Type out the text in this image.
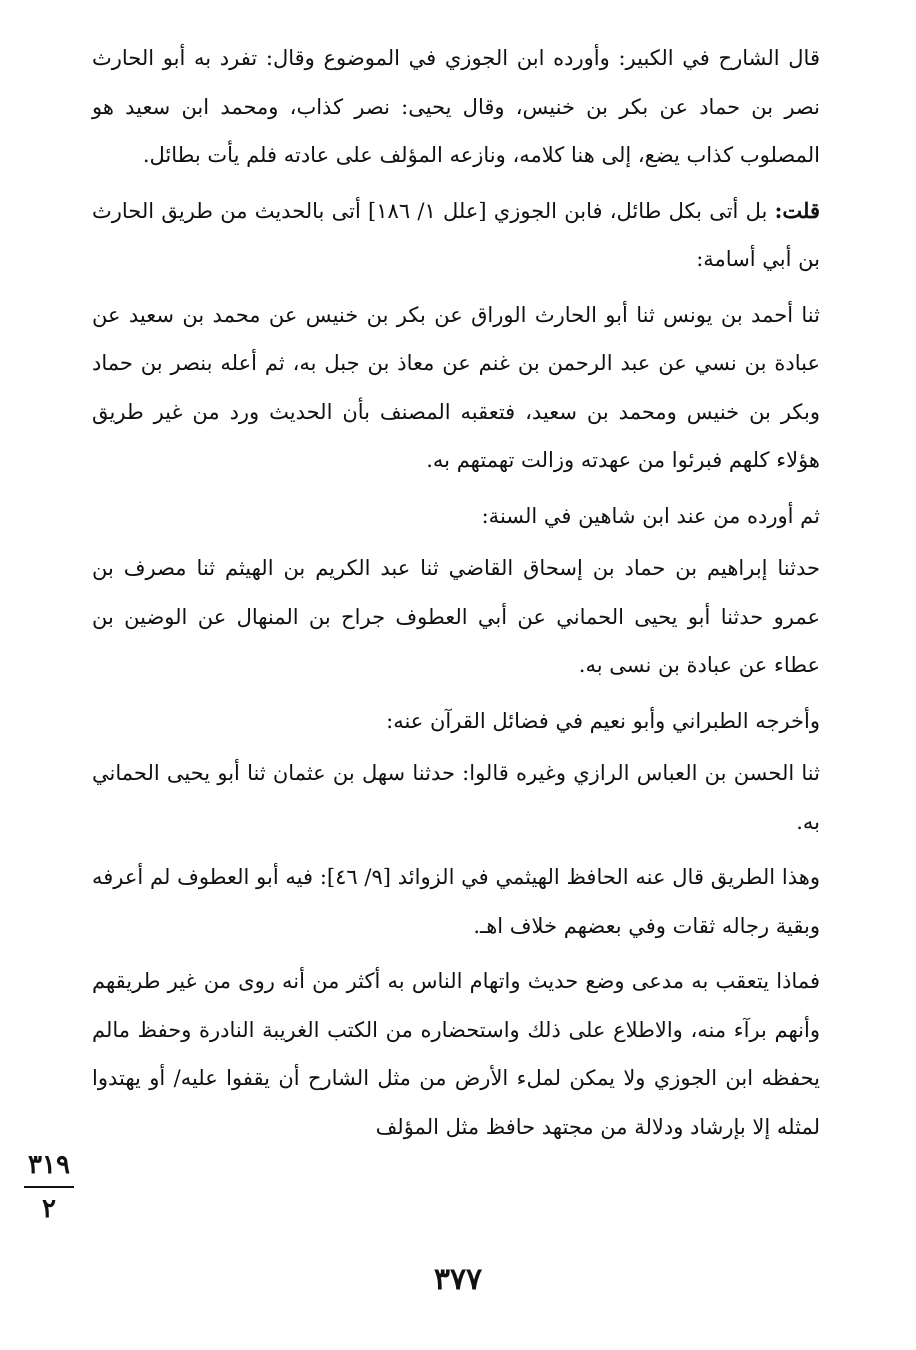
قال الشارح في الكبير: وأورده ابن الجوزي في الموضوع وقال: تفرد به أبو الحارث نصر بن حماد عن بكر بن خنيس، وقال يحيى: نصر كذاب، ومحمد ابن سعيد هو المصلوب كذاب يضع، إلى هنا كلامه، ونازعه المؤلف على عادته فلم يأت بطائل.

قلت: بل أتى بكل طائل، فابن الجوزي [علل ١/ ١٨٦] أتى بالحديث من طريق الحارث بن أبي أسامة:

ثنا أحمد بن يونس ثنا أبو الحارث الوراق عن بكر بن خنيس عن محمد بن سعيد عن عبادة بن نسي عن عبد الرحمن بن غنم عن معاذ بن جبل به، ثم أعله بنصر بن حماد وبكر بن خنيس ومحمد بن سعيد، فتعقبه المصنف بأن الحديث ورد من غير طريق هؤلاء كلهم فبرئوا من عهدته وزالت تهمتهم به.

ثم أورده من عند ابن شاهين في السنة:

حدثنا إبراهيم بن حماد بن إسحاق القاضي ثنا عبد الكريم بن الهيثم ثنا مصرف بن عمرو حدثنا أبو يحيى الحماني عن أبي العطوف جراح بن المنهال عن الوضين بن عطاء عن عبادة بن نسى به.

وأخرجه الطبراني وأبو نعيم في فضائل القرآن عنه:

ثنا الحسن بن العباس الرازي وغيره قالوا: حدثنا سهل بن عثمان ثنا أبو يحيى الحماني به.

وهذا الطريق قال عنه الحافظ الهيثمي في الزوائد [٩/ ٤٦]: فيه أبو العطوف لم أعرفه وبقية رجاله ثقات وفي بعضهم خلاف اهـ.

فماذا يتعقب به مدعى وضع حديث واتهام الناس به أكثر من أنه روى من غير طريقهم وأنهم برآء منه، والاطلاع على ذلك واستحضاره من الكتب الغريبة النادرة وحفظ مالم يحفظه ابن الجوزي ولا يمكن لملء الأرض من مثل الشارح أن يقفوا عليه/ أو يهتدوا لمثله إلا بإرشاد ودلالة من مجتهد حافظ مثل المؤلف

٣١٩
٢
٣٧٧
